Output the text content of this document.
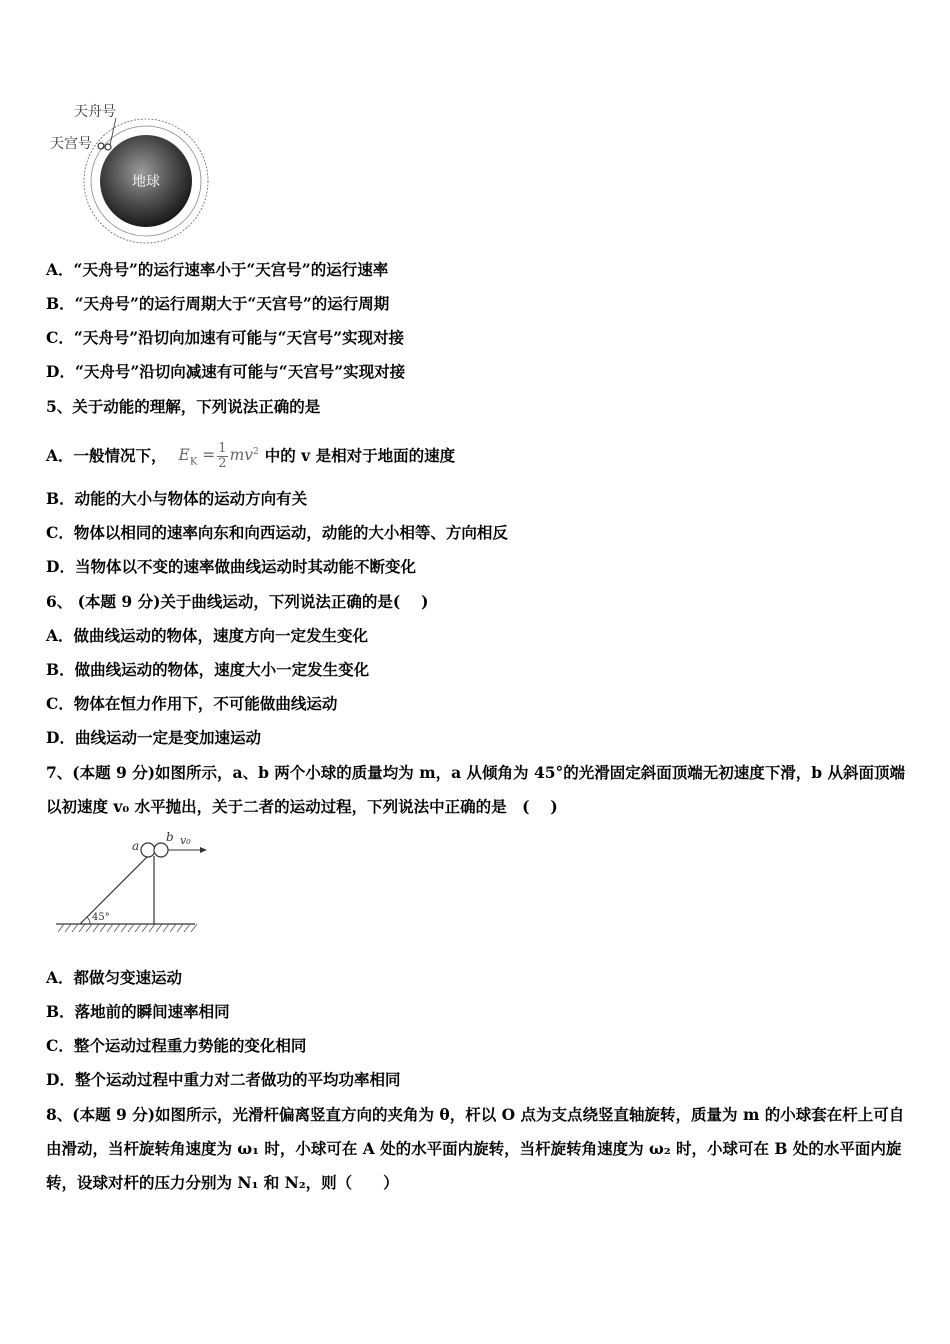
地球
天舟号
天宫号
A．“天舟号”的运行速率小于“天宫号”的运行速率
B．“天舟号”的运行周期大于“天宫号”的运行周期
C．“天舟号”沿切向加速有可能与“天宫号”实现对接
D．“天舟号”沿切向减速有可能与“天宫号”实现对接
5、关于动能的理解，下列说法正确的是
A．一般情况下， $E_K = \frac{1}{2} mv^2$ 中的 v 是相对于地面的速度
B．动能的大小与物体的运动方向有关
C．物体以相同的速率向东和向西运动，动能的大小相等、方向相反
D．当物体以不变的速率做曲线运动时其动能不断变化
6、 (本题 9 分)关于曲线运动，下列说法正确的是(　 )
A．做曲线运动的物体，速度方向一定发生变化
B．做曲线运动的物体，速度大小一定发生变化
C．物体在恒力作用下，不可能做曲线运动
D．曲线运动一定是变加速运动
7、(本题 9 分)如图所示，a、b 两个小球的质量均为 m，a 从倾角为 45°的光滑固定斜面顶端无初速度下滑，b 从斜面顶端以初速度 v₀ 水平抛出，关于二者的运动过程，下列说法中正确的是　(　 )
a
b v₀
45°
A．都做匀变速运动
B．落地前的瞬间速率相同
C．整个运动过程重力势能的变化相同
D．整个运动过程中重力对二者做功的平均功率相同
8、(本题 9 分)如图所示，光滑杆偏离竖直方向的夹角为 θ，杆以 O 点为支点绕竖直轴旋转，质量为 m 的小球套在杆上可自由滑动，当杆旋转角速度为 ω₁ 时，小球可在 A 处的水平面内旋转，当杆旋转角速度为 ω₂ 时，小球可在 B 处的水平面内旋转，设球对杆的压力分别为 N₁ 和 N₂，则（　　）
